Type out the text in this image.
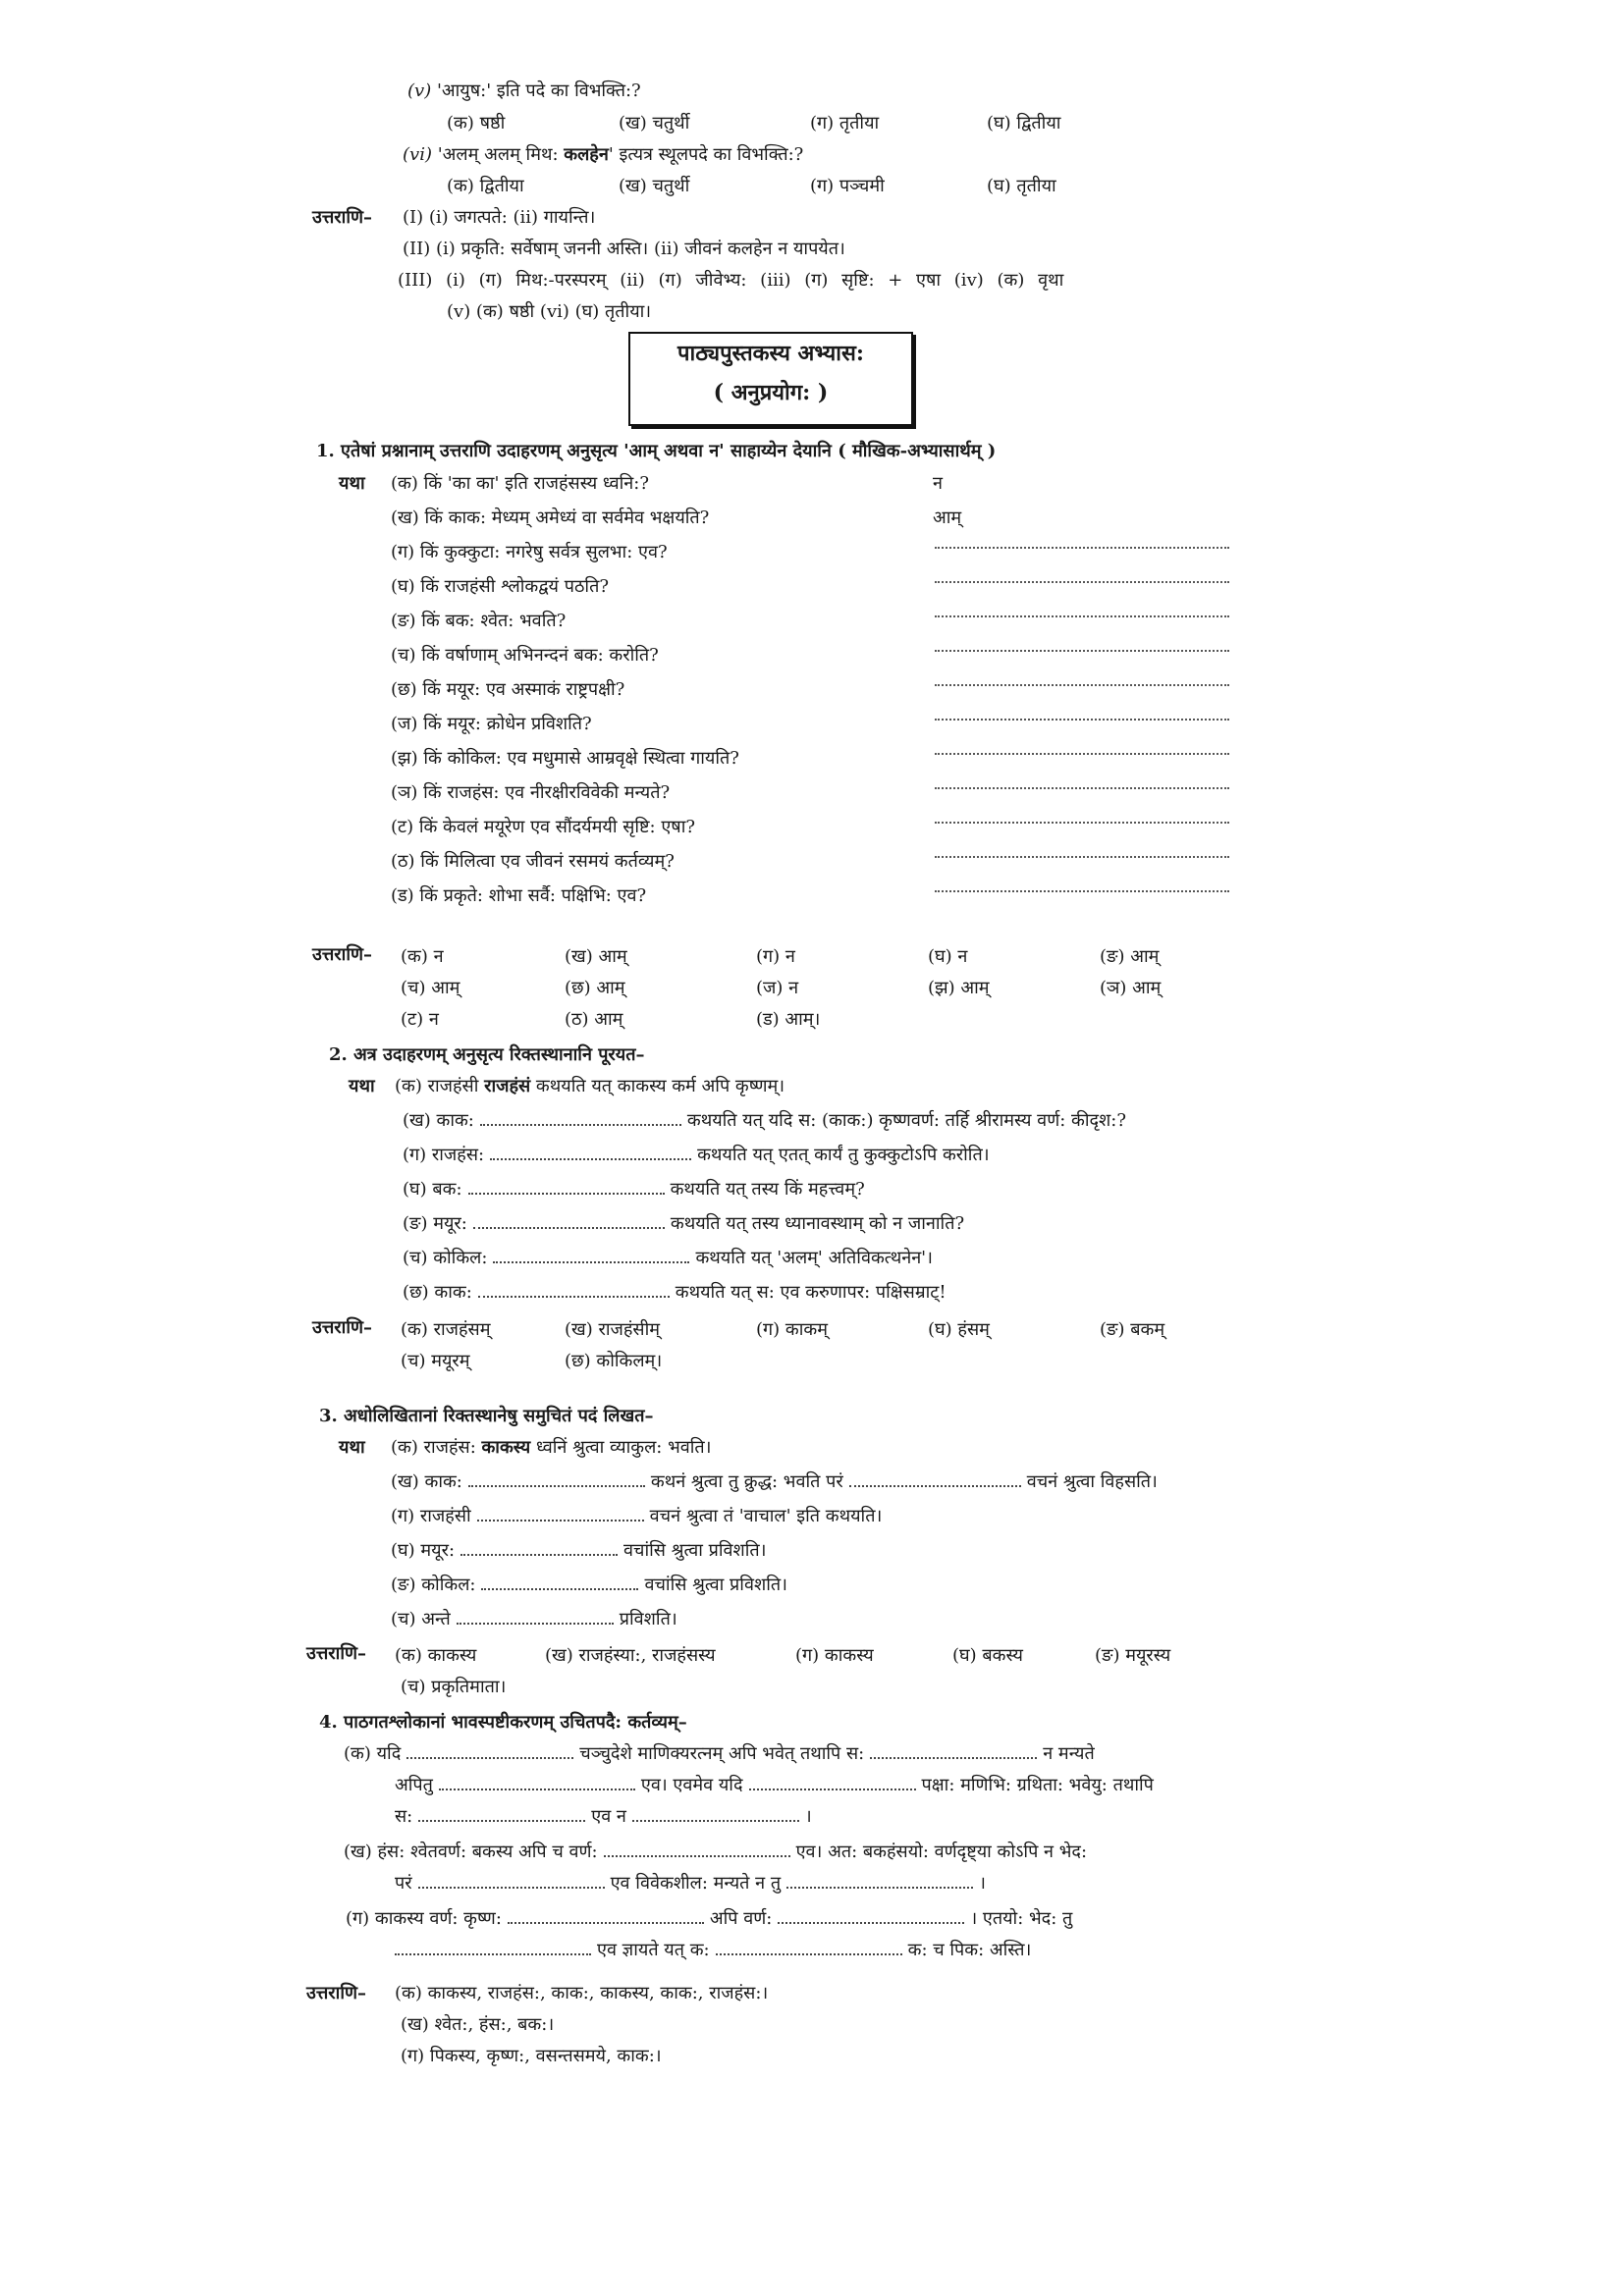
(v) 'आयुष:' इति पदे का विभक्ति:?
(क) षष्ठी	(ख) चतुर्थी	(ग) तृतीया	(घ) द्वितीया
(vi) 'अलम् अलम् मिथ: कलहेन' इत्यत्र स्थूलपदे का विभक्ति:?
(क) द्वितीया	(ख) चतुर्थी	(ग) पञ्चमी	(घ) तृतीया
उत्तराणि– (I) (i) जगत्पते: (ii) गायन्ति।
(II) (i) प्रकृति: सर्वेषाम् जननी अस्ति। (ii) जीवनं कलहेन न यापयेत।
(III) (i) (ग) मिथ:-परस्परम् (ii) (ग) जीवेभ्य: (iii) (ग) सृष्टि: + एषा (iv) (क) वृथा
(v) (क) षष्ठी (vi) (घ) तृतीया।
पाठ्यपुस्तकस्य अभ्यास:
( अनुप्रयोग: )
1. एतेषां प्रश्नानाम् उत्तराणि उदाहरणम् अनुसृत्य 'आम् अथवा न' साहाय्येन देयानि ( मौखिक-अभ्यासार्थम् )
यथा (क) किं 'का का' इति राजहंसस्य ध्वनि:?	न
(ख) किं काक: मेध्यम् अमेध्यं वा सर्वमेव भक्षयति?	आम्
(ग) किं कुक्कुटा: नगरेषु सर्वत्र सुलभा: एव?
(घ) किं राजहंसी श्लोकद्वयं पठति?
(ङ) किं बक: श्वेत: भवति?
(च) किं वर्षाणाम् अभिनन्दनं बक: करोति?
(छ) किं मयूर: एव अस्माकं राष्ट्रपक्षी?
(ज) किं मयूर: क्रोधेन प्रविशति?
(झ) किं कोकिल: एव मधुमासे आम्रवृक्षे स्थित्वा गायति?
(ञ) किं राजहंस: एव नीरक्षीरविवेकी मन्यते?
(ट) किं केवलं मयूरेण एव सौंदर्यमयी सृष्टि: एषा?
(ठ) किं मिलित्वा एव जीवनं रसमयं कर्तव्यम्?
(ड) किं प्रकृते: शोभा सर्वै: पक्षिभि: एव?
उत्तराणि– (क) न	(ख) आम्	(ग) न	(घ) न	(ङ) आम्
(च) आम्	(छ) आम्	(ज) न	(झ) आम्	(ञ) आम्
(ट) न	(ठ) आम्	(ड) आम्।
2. अत्र उदाहरणम् अनुसृत्य रिक्तस्थानानि पूरयत–
यथा (क) राजहंसी राजहंसं कथयति यत् काकस्य कर्म अपि कृष्णम्।
(ख) काक:	कथयति यत् यदि स: (काक:) कृष्णवर्ण: तर्हि श्रीरामस्य वर्ण: कीदृश:?
(ग) राजहंस:	कथयति यत् एतत् कार्यं तु कुक्कुटोऽपि करोति।
(घ) बक:	कथयति यत् तस्य किं महत्त्वम्?
(ङ) मयूर:	कथयति यत् तस्य ध्यानावस्थाम् को न जानाति?
(च) कोकिल:	कथयति यत् 'अलम्' अतिविकत्थनेन'।
(छ) काक:	कथयति यत् स: एव करुणापर: पक्षिसम्राट्!
उत्तराणि– (क) राजहंसम्	(ख) राजहंसीम्	(ग) काकम्	(घ) हंसम्	(ङ) बकम्
(च) मयूरम्	(छ) कोकिलम्।
3. अधोलिखितानां रिक्तस्थानेषु समुचितं पदं लिखत–
यथा (क) राजहंस: काकस्य ध्वनिं श्रुत्वा व्याकुल: भवति।
(ख) काक:	कथनं श्रुत्वा तु क्रुद्ध: भवति परं	वचनं श्रुत्वा विहसति।
(ग) राजहंसी	वचनं श्रुत्वा तं 'वाचाल' इति कथयति।
(घ) मयूर:	वचांसि श्रुत्वा प्रविशति।
(ङ) कोकिल:	वचांसि श्रुत्वा प्रविशति।
(च) अन्ते	प्रविशति।
उत्तराणि– (क) काकस्य	(ख) राजहंस्या:, राजहंसस्य	(ग) काकस्य	(घ) बकस्य	(ङ) मयूरस्य
(च) प्रकृतिमाता।
4. पाठगतश्लोकानां भावस्पष्टीकरणम् उचितपदै: कर्तव्यम्–
(क) यदि	चञ्चुदेशे माणिक्यरत्नम् अपि भवेत् तथापि स:	न मन्यते
अपितु	एव। एवमेव यदि	पक्षा: मणिभि: ग्रथिता: भवेयु: तथापि
स:	एव न	।
(ख) हंस: श्वेतवर्ण: बकस्य अपि च वर्ण:	एव। अत: बकहंसयो: वर्णदृष्ट्या कोऽपि न भेद:
परं	एव विवेकशील: मन्यते न तु	।
(ग) काकस्य वर्ण: कृष्ण:	अपि वर्ण:	। एतयो: भेद: तु
एव ज्ञायते यत् क:	क: च पिक: अस्ति।
उत्तराणि– (क) काकस्य, राजहंस:, काक:, काकस्य, काक:, राजहंस:।
(ख) श्वेत:, हंस:, बक:।
(ग) पिकस्य, कृष्ण:, वसन्तसमये, काक:।
